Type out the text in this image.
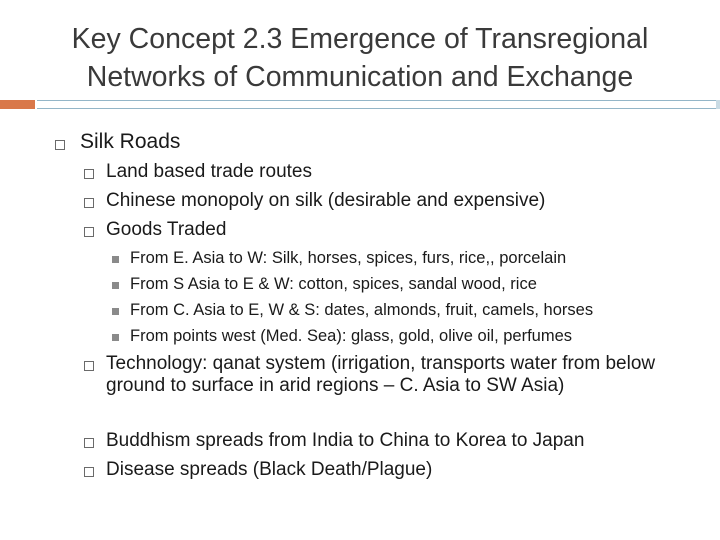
Key Concept 2.3 Emergence of Transregional
Networks of Communication and Exchange
Silk Roads
Land based trade routes
Chinese monopoly on silk (desirable and expensive)
Goods Traded
From E. Asia to W: Silk, horses, spices, furs, rice,, porcelain
From S Asia to E & W: cotton, spices, sandal wood, rice
From C. Asia to E, W & S: dates, almonds, fruit, camels, horses
From points west (Med. Sea): glass, gold, olive oil, perfumes
Technology: qanat system (irrigation, transports water from below ground to surface in arid regions – C. Asia to SW Asia)
Buddhism spreads from India to China to Korea to Japan
Disease spreads (Black Death/Plague)
